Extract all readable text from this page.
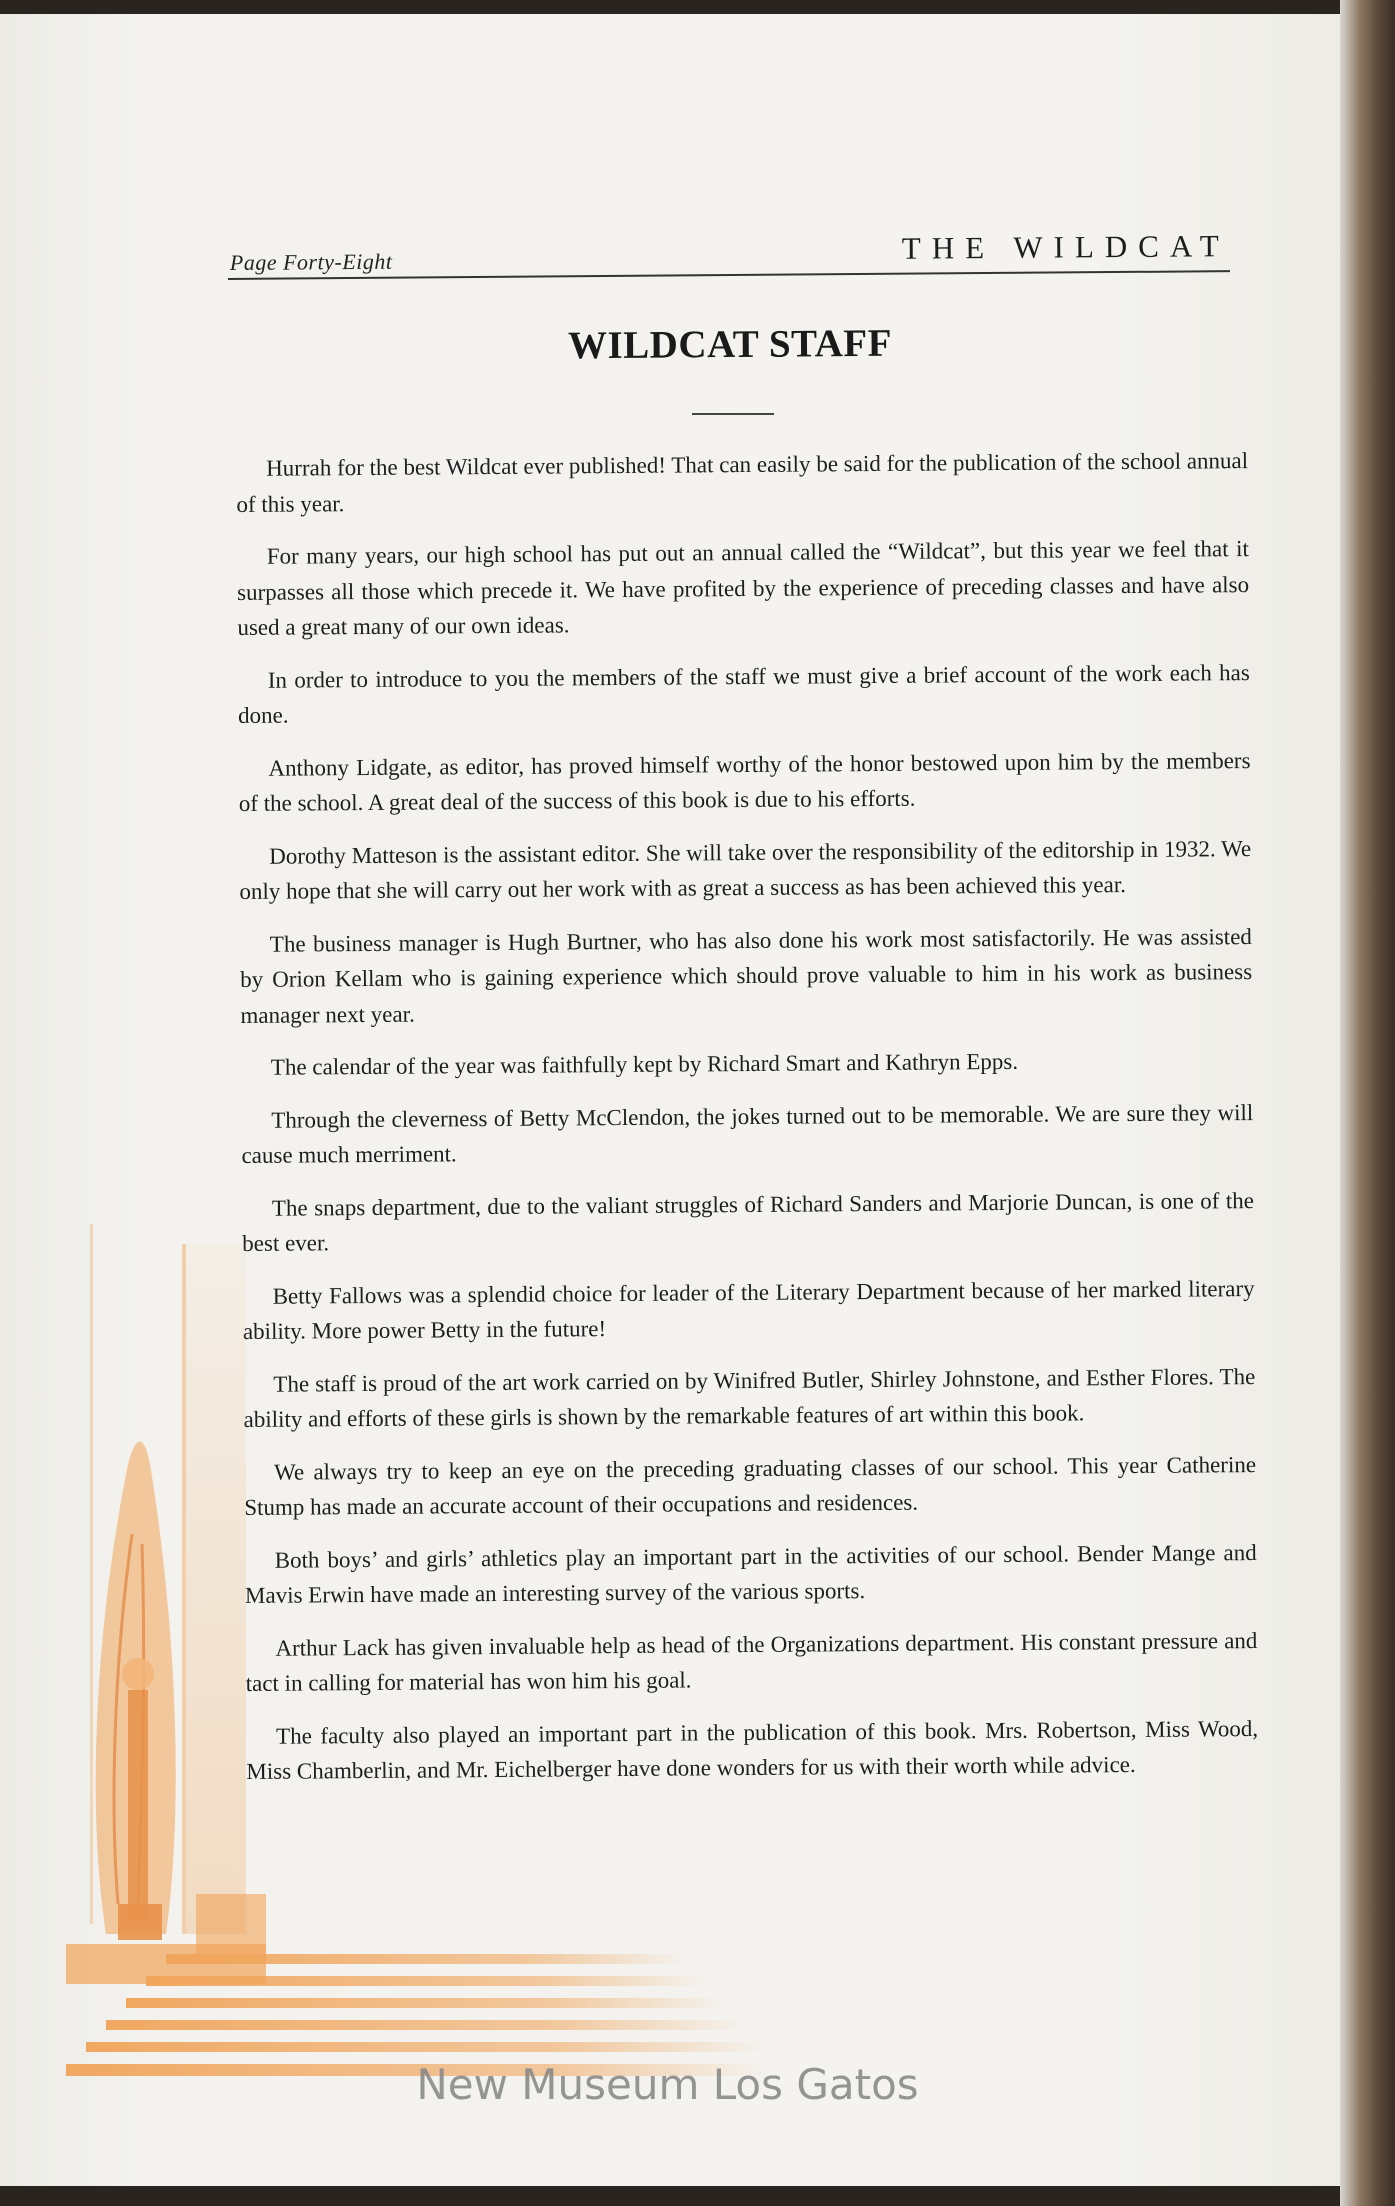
Page Forty-Eight	THE WILDCAT
WILDCAT STAFF

Hurrah for the best Wildcat ever published! That can easily be said for the publication of the school annual of this year.

For many years, our high school has put out an annual called the “Wildcat”, but this year we feel that it surpasses all those which precede it. We have profited by the experience of preceding classes and have also used a great many of our own ideas.

In order to introduce to you the members of the staff we must give a brief account of the work each has done.

Anthony Lidgate, as editor, has proved himself worthy of the honor bestowed upon him by the members of the school. A great deal of the success of this book is due to his efforts.

Dorothy Matteson is the assistant editor. She will take over the responsibility of the editorship in 1932. We only hope that she will carry out her work with as great a success as has been achieved this year.

The business manager is Hugh Burtner, who has also done his work most satisfactorily. He was assisted by Orion Kellam who is gaining experience which should prove valuable to him in his work as business manager next year.

The calendar of the year was faithfully kept by Richard Smart and Kathryn Epps.

Through the cleverness of Betty McClendon, the jokes turned out to be memorable. We are sure they will cause much merriment.

The snaps department, due to the valiant struggles of Richard Sanders and Marjorie Duncan, is one of the best ever.

Betty Fallows was a splendid choice for leader of the Literary Department because of her marked literary ability. More power Betty in the future!

The staff is proud of the art work carried on by Winifred Butler, Shirley Johnstone, and Esther Flores. The ability and efforts of these girls is shown by the remarkable features of art within this book.

We always try to keep an eye on the preceding graduating classes of our school. This year Catherine Stump has made an accurate account of their occupations and residences.

Both boys’ and girls’ athletics play an important part in the activities of our school. Bender Mange and Mavis Erwin have made an interesting survey of the various sports.

Arthur Lack has given invaluable help as head of the Organizations department. His constant pressure and tact in calling for material has won him his goal.

The faculty also played an important part in the publication of this book. Mrs. Robertson, Miss Wood, Miss Chamberlin, and Mr. Eichelberger have done wonders for us with their worth while advice.

New Museum Los Gatos
